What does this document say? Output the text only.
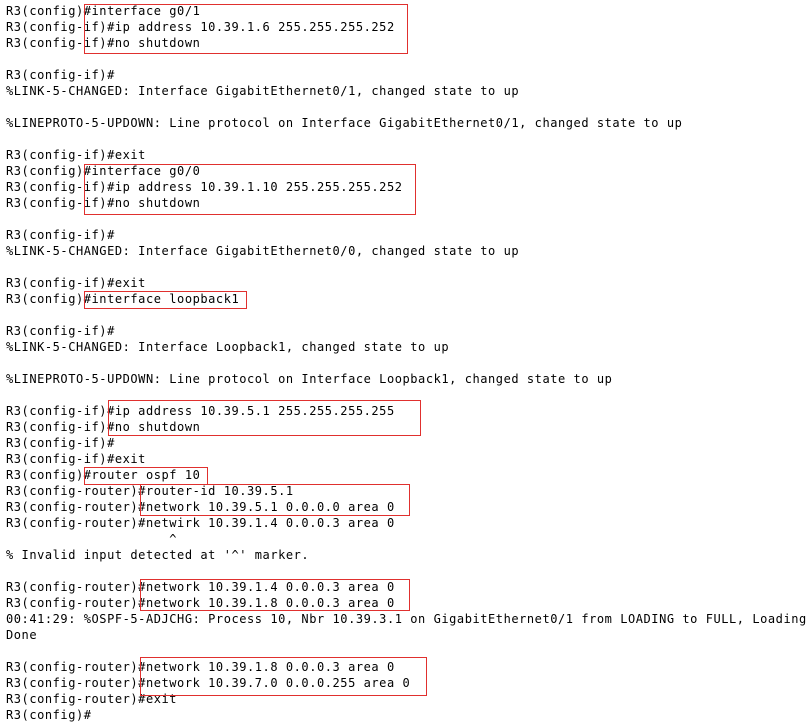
R3(config)#interface g0/1
R3(config-if)#ip address 10.39.1.6 255.255.255.252
R3(config-if)#no shutdown
R3(config-if)#
%LINK-5-CHANGED: Interface GigabitEthernet0/1, changed state to up
%LINEPROTO-5-UPDOWN: Line protocol on Interface GigabitEthernet0/1, changed state to up
R3(config-if)#exit
R3(config)#interface g0/0
R3(config-if)#ip address 10.39.1.10 255.255.255.252
R3(config-if)#no shutdown
R3(config-if)#
%LINK-5-CHANGED: Interface GigabitEthernet0/0, changed state to up
R3(config-if)#exit
R3(config)#interface loopback1
R3(config-if)#
%LINK-5-CHANGED: Interface Loopback1, changed state to up
%LINEPROTO-5-UPDOWN: Line protocol on Interface Loopback1, changed state to up
R3(config-if)#ip address 10.39.5.1 255.255.255.255
R3(config-if)#no shutdown
R3(config-if)#
R3(config-if)#exit
R3(config)#router ospf 10
R3(config-router)#router-id 10.39.5.1
R3(config-router)#network 10.39.5.1 0.0.0.0 area 0
R3(config-router)#netwirk 10.39.1.4 0.0.0.3 area 0
^
% Invalid input detected at '^' marker.
R3(config-router)#network 10.39.1.4 0.0.0.3 area 0
R3(config-router)#network 10.39.1.8 0.0.0.3 area 0
00:41:29: %OSPF-5-ADJCHG: Process 10, Nbr 10.39.3.1 on GigabitEthernet0/1 from LOADING to FULL, Loading
Done
R3(config-router)#network 10.39.1.8 0.0.0.3 area 0
R3(config-router)#network 10.39.7.0 0.0.0.255 area 0
R3(config-router)#exit
R3(config)#
